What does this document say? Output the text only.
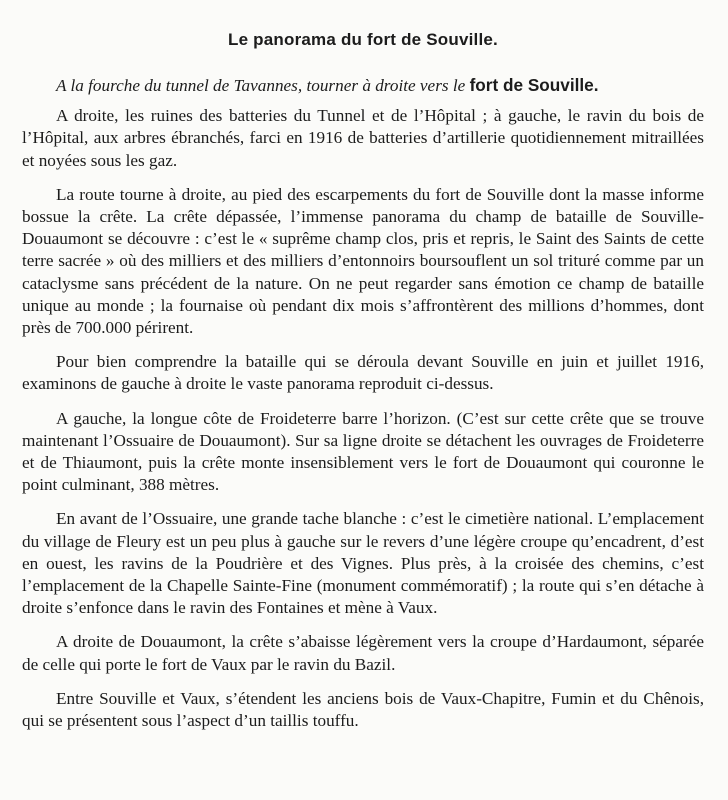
Le panorama du fort de Souville.

A la fourche du tunnel de Tavannes, tourner à droite vers le fort de Souville.

A droite, les ruines des batteries du Tunnel et de l’Hôpital ; à gauche, le ravin du bois de l’Hôpital, aux arbres ébranchés, farci en 1916 de batteries d’artillerie quotidiennement mitraillées et noyées sous les gaz.

La route tourne à droite, au pied des escarpements du fort de Souville dont la masse informe bossue la crête. La crête dépassée, l’immense panorama du champ de bataille de Souville-Douaumont se découvre : c’est le « suprême champ clos, pris et repris, le Saint des Saints de cette terre sacrée » où des milliers et des milliers d’entonnoirs boursouflent un sol trituré comme par un cataclysme sans précédent de la nature. On ne peut regarder sans émotion ce champ de bataille unique au monde ; la fournaise où pendant dix mois s’affrontèrent des millions d’hommes, dont près de 700.000 périrent.

Pour bien comprendre la bataille qui se déroula devant Souville en juin et juillet 1916, examinons de gauche à droite le vaste panorama reproduit ci-dessus.

A gauche, la longue côte de Froideterre barre l’horizon. (C’est sur cette crête que se trouve maintenant l’Ossuaire de Douaumont). Sur sa ligne droite se détachent les ouvrages de Froideterre et de Thiaumont, puis la crête monte insensiblement vers le fort de Douaumont qui couronne le point culminant, 388 mètres.

En avant de l’Ossuaire, une grande tache blanche : c’est le cimetière national. L’emplacement du village de Fleury est un peu plus à gauche sur le revers d’une légère croupe qu’encadrent, d’est en ouest, les ravins de la Poudrière et des Vignes. Plus près, à la croisée des chemins, c’est l’emplacement de la Chapelle Sainte-Fine (monument commémoratif) ; la route qui s’en détache à droite s’enfonce dans le ravin des Fontaines et mène à Vaux.

A droite de Douaumont, la crête s’abaisse légèrement vers la croupe d’Hardaumont, séparée de celle qui porte le fort de Vaux par le ravin du Bazil.

Entre Souville et Vaux, s’étendent les anciens bois de Vaux-Chapitre, Fumin et du Chênois, qui se présentent sous l’aspect d’un taillis touffu.
